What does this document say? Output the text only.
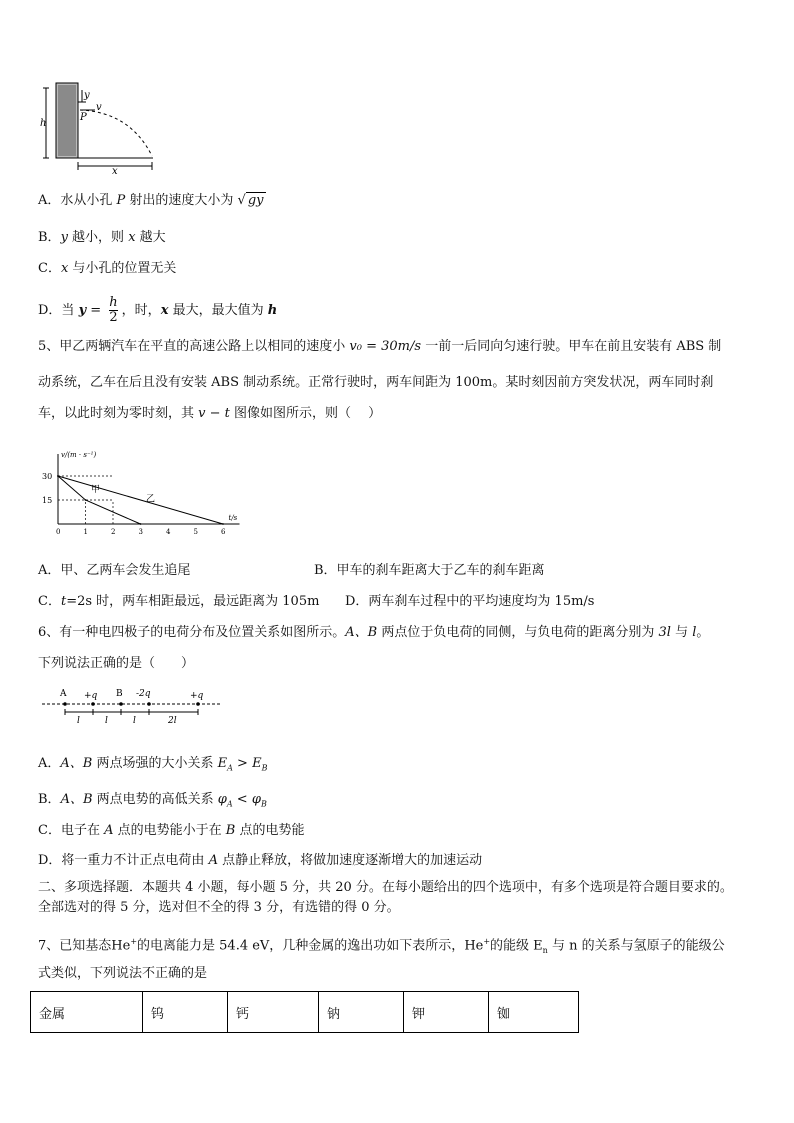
h
y
v
P
x
A．水从小孔 P 射出的速度大小为 √ gy
B．y 越小，则 x 越大
C．x 与小孔的位置无关
D．当 $y = \frac{h}{2}$ ，时，x 最大，最大值为 h
5、甲乙两辆汽车在平直的高速公路上以相同的速度小 v₀ = 30m/s 一前一后同向匀速行驶。甲车在前且安装有 ABS 制
动系统，乙车在后且没有安装 ABS 制动系统。正常行驶时，两车间距为 100m。某时刻因前方突发状况，两车同时刹
车，以此时刻为零时刻，其 v − t 图像如图所示，则（　 ）
v/(m · s⁻¹)
t/s
0	1	2	3	4	5	6
15
30
甲
乙
A．甲、乙两车会发生追尾	B．甲车的刹车距离大于乙车的刹车距离
C．t=2s 时，两车相距最远，最远距离为 105m D．两车刹车过程中的平均速度均为 15m/s
6、有一种电四极子的电荷分布及位置关系如图所示。A、B 两点位于负电荷的同侧，与负电荷的距离分别为 3l 与 l。
下列说法正确的是（　　）
A +q B -2q	+q
l	l	l	2l
A．A、B 两点场强的大小关系 $E_A > E_B$
B．A、B 两点电势的高低关系 $\varphi_A < \varphi_B$
C．电子在 A 点的电势能小于在 B 点的电势能
D．将一重力不计正点电荷由 A 点静止释放，将做加速度逐渐增大的加速运动
二、多项选择题．本题共 4 小题，每小题 5 分，共 20 分。在每小题给出的四个选项中，有多个选项是符合题目要求的。
全部选对的得 5 分，选对但不全的得 3 分，有选错的得 0 分。
7、已知基态He+的电离能力是 54.4 eV，几种金属的逸出功如下表所示，He+的能级 $E_n$ 与 n 的关系与氢原子的能级公
式类似，下列说法不正确的是
金属	钨	钙	钠	钾	铷
